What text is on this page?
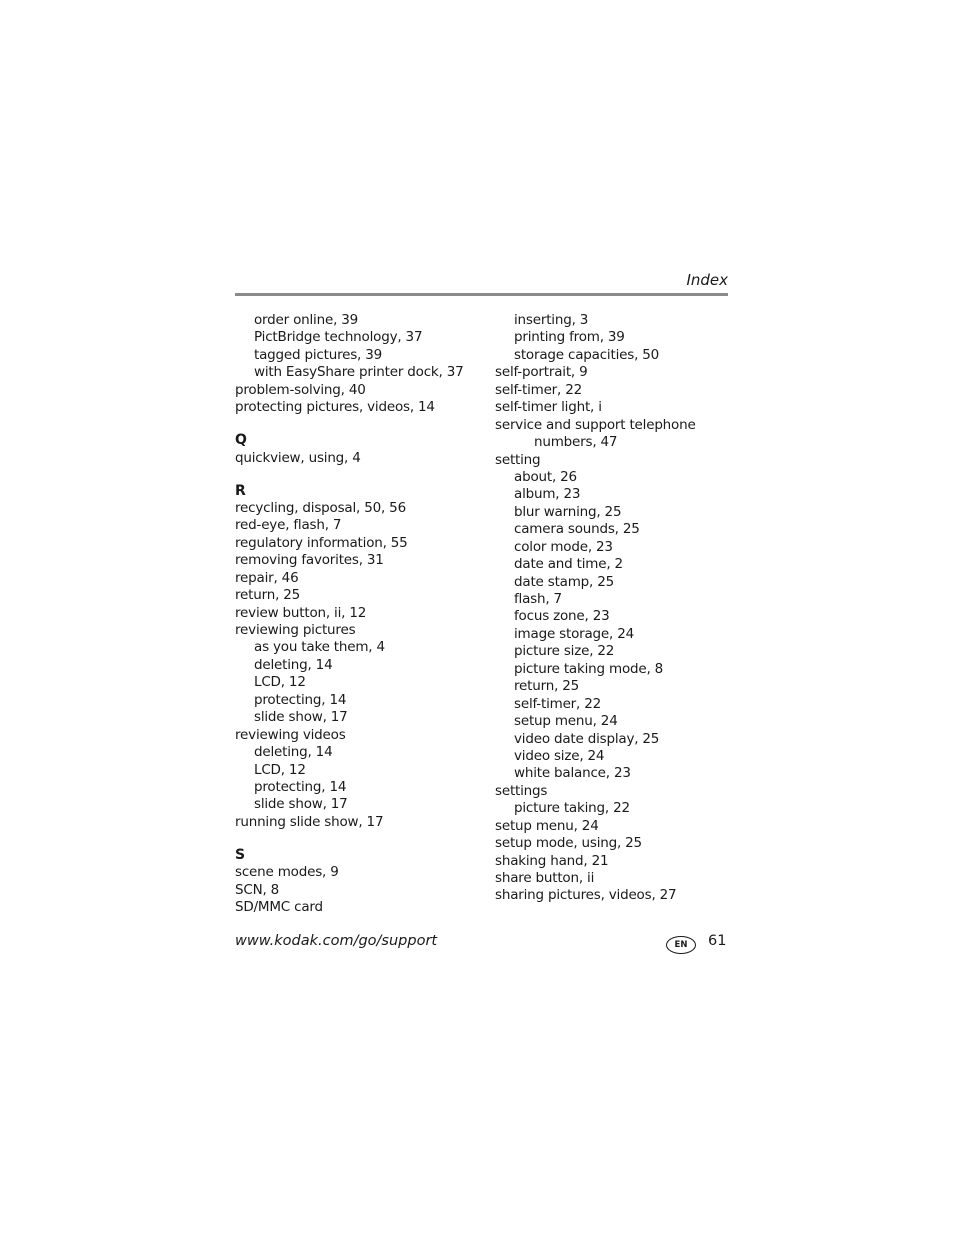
Index
order online, 39
PictBridge technology, 37
tagged pictures, 39
with EasyShare printer dock, 37
problem-solving, 40
protecting pictures, videos, 14
Q
quickview, using, 4
R
recycling, disposal, 50, 56
red-eye, flash, 7
regulatory information, 55
removing favorites, 31
repair, 46
return, 25
review button, ii, 12
reviewing pictures
as you take them, 4
deleting, 14
LCD, 12
protecting, 14
slide show, 17
reviewing videos
deleting, 14
LCD, 12
protecting, 14
slide show, 17
running slide show, 17
S
scene modes, 9
SCN, 8
SD/MMC card
inserting, 3
printing from, 39
storage capacities, 50
self-portrait, 9
self-timer, 22
self-timer light, i
service and support telephone
numbers, 47
setting
about, 26
album, 23
blur warning, 25
camera sounds, 25
color mode, 23
date and time, 2
date stamp, 25
flash, 7
focus zone, 23
image storage, 24
picture size, 22
picture taking mode, 8
return, 25
self-timer, 22
setup menu, 24
video date display, 25
video size, 24
white balance, 23
settings
picture taking, 22
setup menu, 24
setup mode, using, 25
shaking hand, 21
share button, ii
sharing pictures, videos, 27
www.kodak.com/go/support	EN	61
